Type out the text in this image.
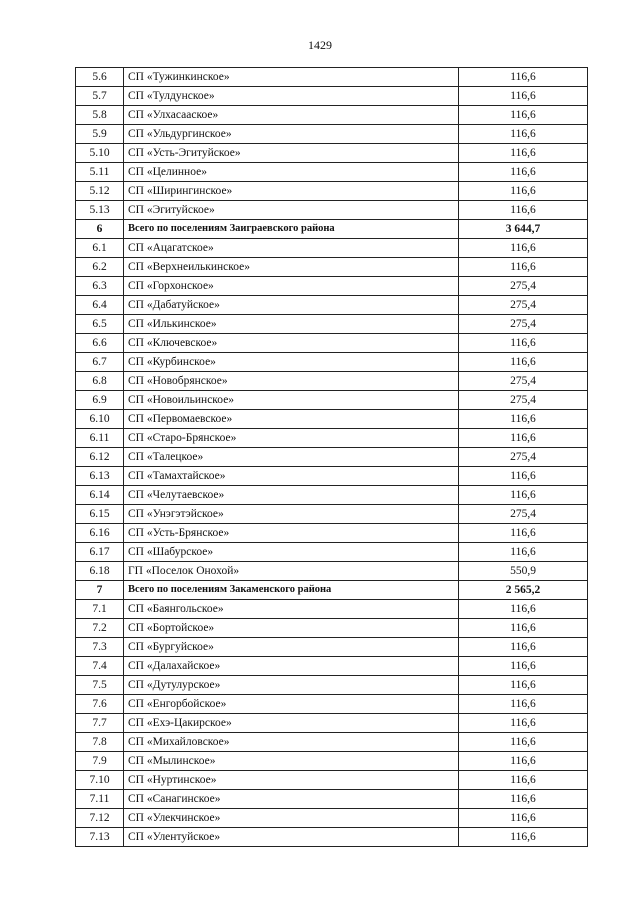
1429
5.6	СП «Тужинкинское»	116,6
5.7	СП «Тулдунское»	116,6
5.8	СП «Улхасаaское»	116,6
5.9	СП «Ульдургинское»	116,6
5.10	СП «Усть-Эгитуйское»	116,6
5.11	СП «Целинное»	116,6
5.12	СП «Ширингинское»	116,6
5.13	СП «Эгитуйское»	116,6
6	Всего по поселениям Заиграевского района	3 644,7
6.1	СП «Ацагатское»	116,6
6.2	СП «Верхнеилькинское»	116,6
6.3	СП «Горхонское»	275,4
6.4	СП «Дабатуйское»	275,4
6.5	СП «Илькинское»	275,4
6.6	СП «Ключевское»	116,6
6.7	СП «Курбинское»	116,6
6.8	СП «Новобрянское»	275,4
6.9	СП «Новоильинское»	275,4
6.10	СП «Первомаевское»	116,6
6.11	СП «Старо-Брянское»	116,6
6.12	СП «Талецкое»	275,4
6.13	СП «Тамахтайское»	116,6
6.14	СП «Челутаевское»	116,6
6.15	СП «Унэгэтэйское»	275,4
6.16	СП «Усть-Брянское»	116,6
6.17	СП «Шабурское»	116,6
6.18	ГП «Поселок Онохой»	550,9
7	Всего по поселениям Закаменского района	2 565,2
7.1	СП «Баянгольское»	116,6
7.2	СП «Бортойское»	116,6
7.3	СП «Бургуйское»	116,6
7.4	СП «Далахайское»	116,6
7.5	СП «Дутулурское»	116,6
7.6	СП «Енгорбойское»	116,6
7.7	СП «Ехэ-Цакирское»	116,6
7.8	СП «Михайловское»	116,6
7.9	СП «Мылинское»	116,6
7.10	СП «Нуртинское»	116,6
7.11	СП «Санагинское»	116,6
7.12	СП «Улекчинское»	116,6
7.13	СП «Улентуйское»	116,6
